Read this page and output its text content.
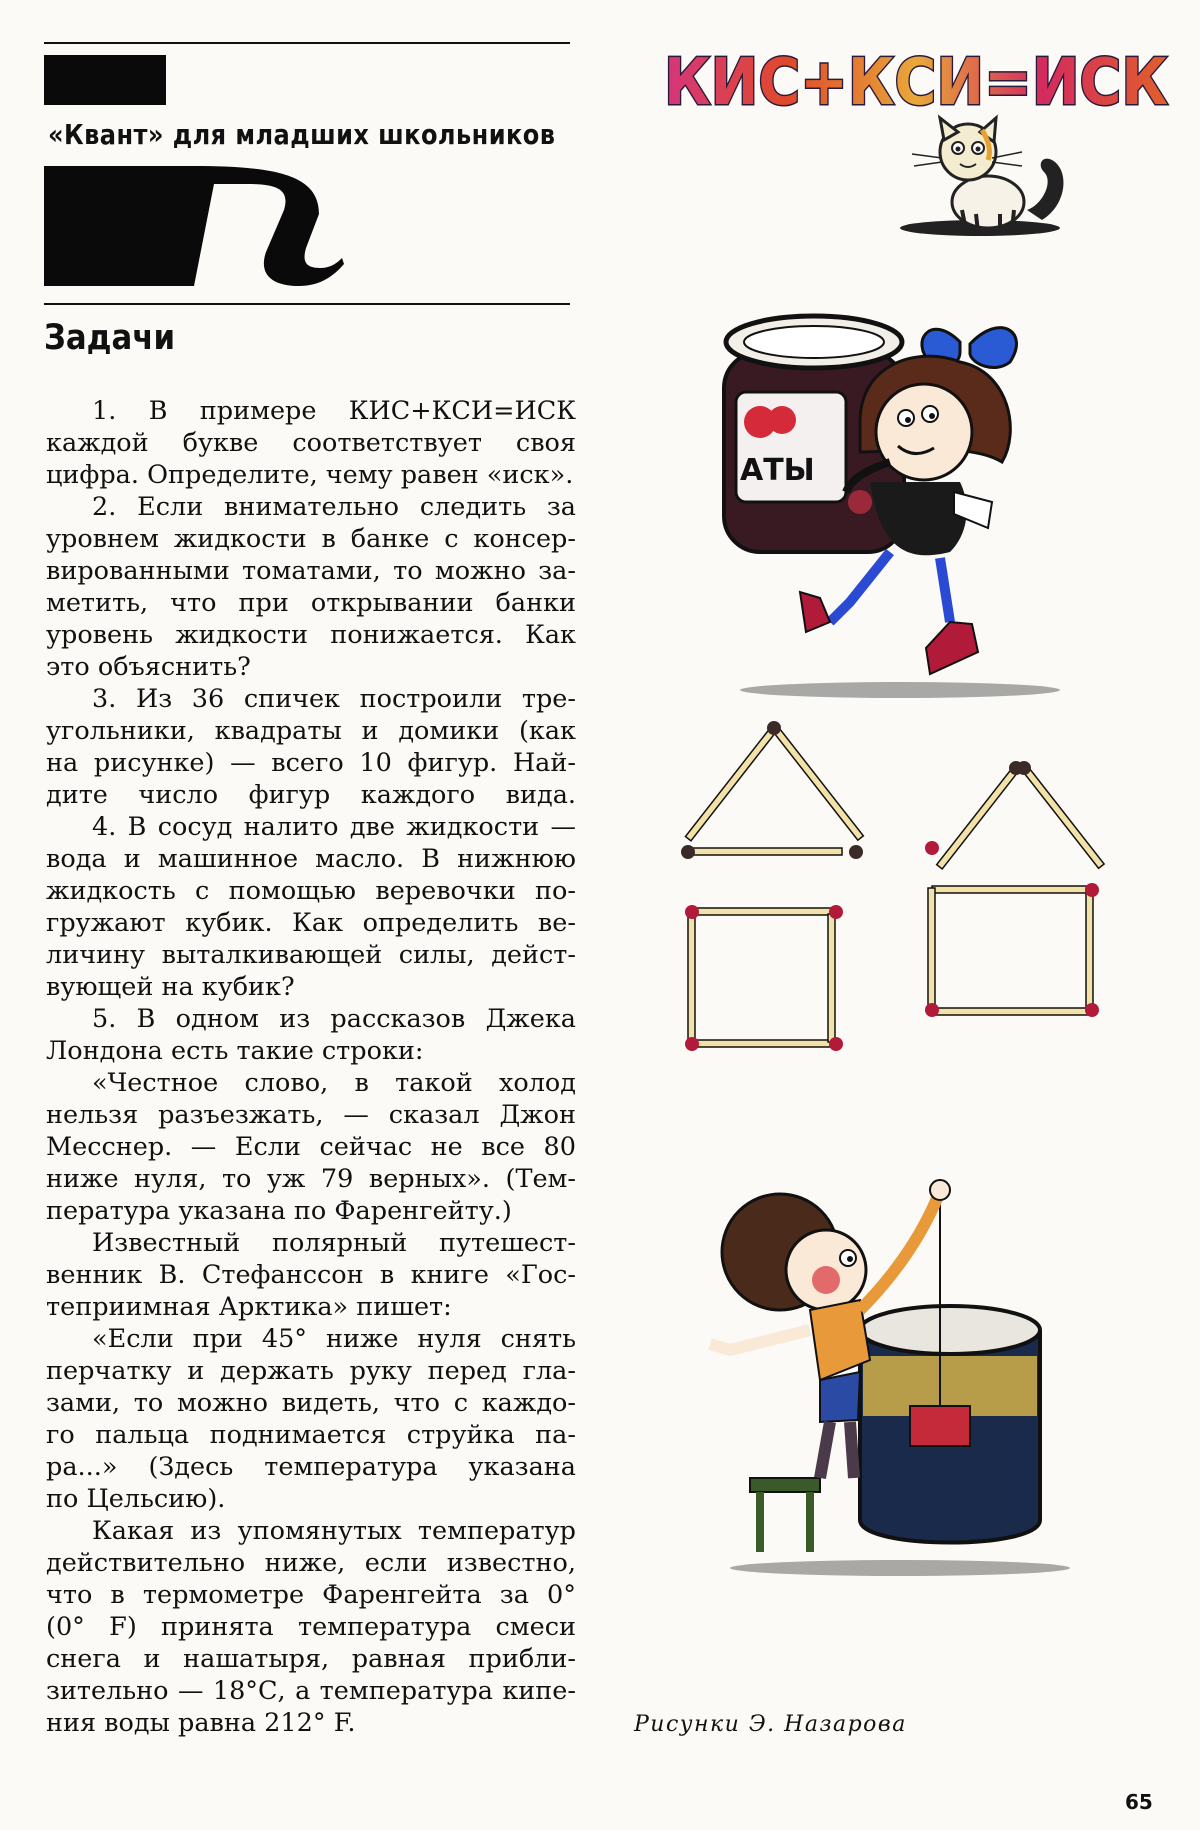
«Квант» для младших школьников
Задачи
1. В примере КИС+КСИ=ИСК
каждой букве соответствует своя
цифра. Определите, чему равен «иск».
2. Если внимательно следить за
уровнем жидкости в банке с консер-
вированными томатами, то можно за-
метить, что при открывании банки
уровень жидкости понижается. Как
это объяснить?
3. Из 36 спичек построили тре-
угольники, квадраты и домики (как
на рисунке) — всего 10 фигур. Най-
дите число фигур каждого вида.
4. В сосуд налито две жидкости —
вода и машинное масло. В нижнюю
жидкость с помощью веревочки по-
гружают кубик. Как определить ве-
личину выталкивающей силы, дейст-
вующей на кубик?
5. В одном из рассказов Джека
Лондона есть такие строки:
«Честное слово, в такой холод
нельзя разъезжать, — сказал Джон
Месснер. — Если сейчас не все 80
ниже нуля, то уж 79 верных». (Тем-
пература указана по Фаренгейту.)
Известный полярный путешест-
венник В. Стефанссон в книге «Гос-
теприимная Арктика» пишет:
«Если при 45° ниже нуля снять
перчатку и держать руку перед гла-
зами, то можно видеть, что с каждо-
го пальца поднимается струйка па-
ра...» (Здесь температура указана
по Цельсию).
Какая из упомянутых температур
действительно ниже, если известно,
что в термометре Фаренгейта за 0°
(0° F) принята температура смеси
снега и нашатыря, равная прибли-
зительно — 18°С, а температура кипе-
ния воды равна 212° F.
КИС+КСИ=ИСК
АТЫ
Рисунки Э. Назарова
65
